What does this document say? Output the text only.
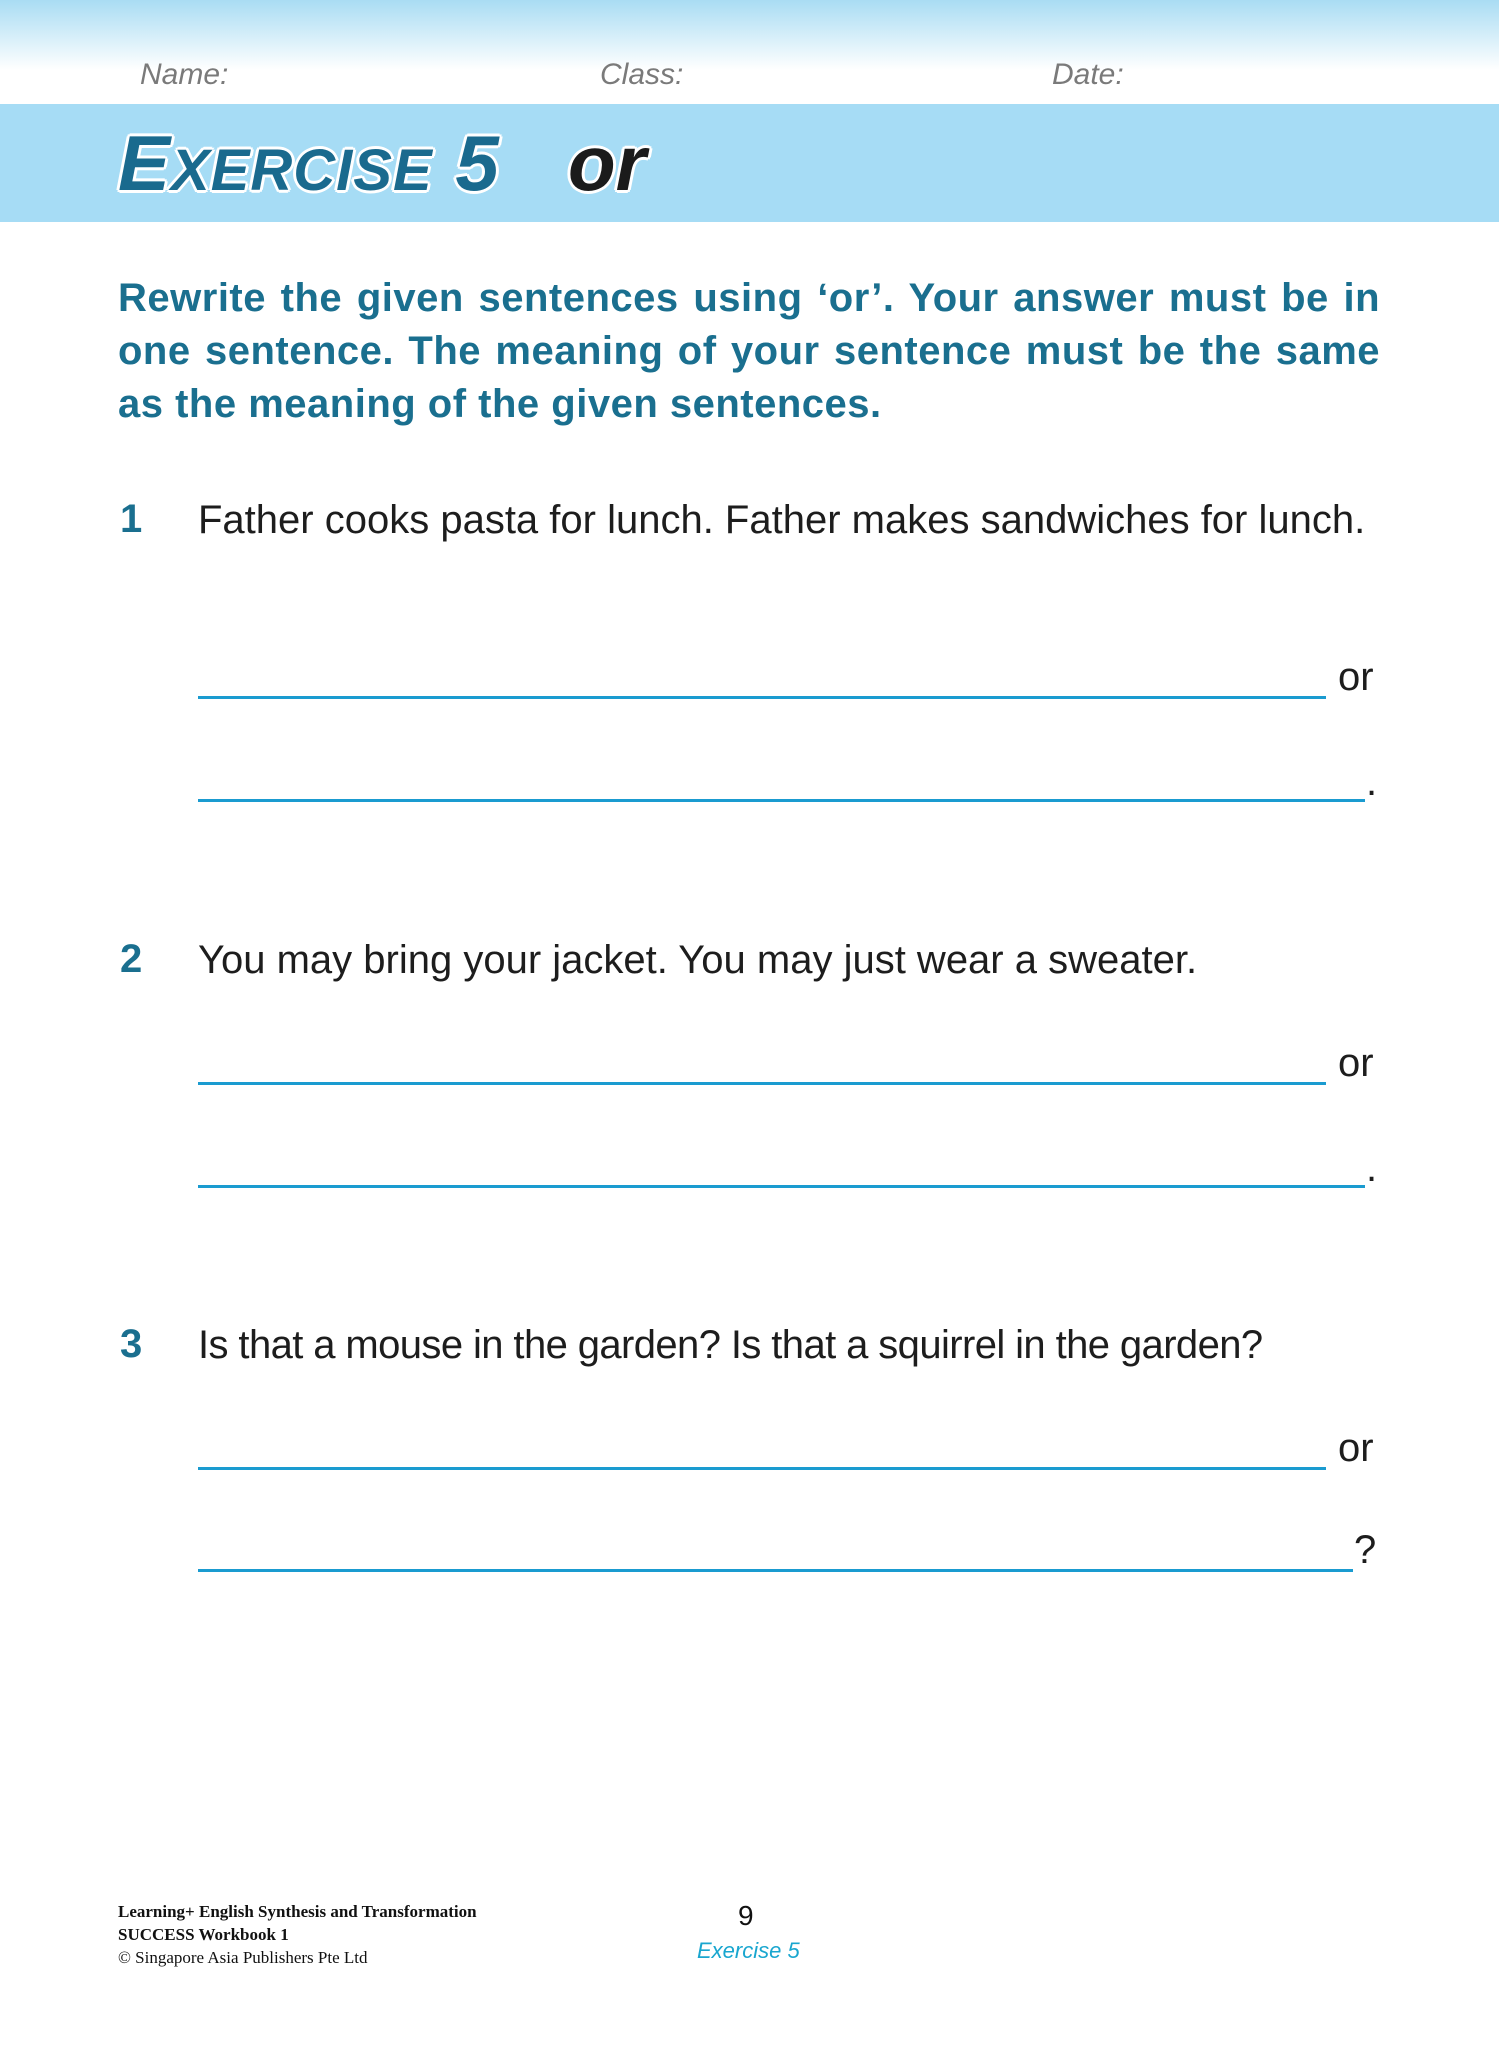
Name:	Class:	Date:
EXERCISE 5 or
Rewrite the given sentences using ‘or’. Your answer must be in one sentence. The meaning of your sentence must be the same as the meaning of the given sentences.
1 Father cooks pasta for lunch. Father makes sandwiches for lunch.
or
.
2 You may bring your jacket. You may just wear a sweater.
or
.
3 Is that a mouse in the garden? Is that a squirrel in the garden?
or
?
Learning+ English Synthesis and Transformation
SUCCESS Workbook 1
© Singapore Asia Publishers Pte Ltd
9
Exercise 5
